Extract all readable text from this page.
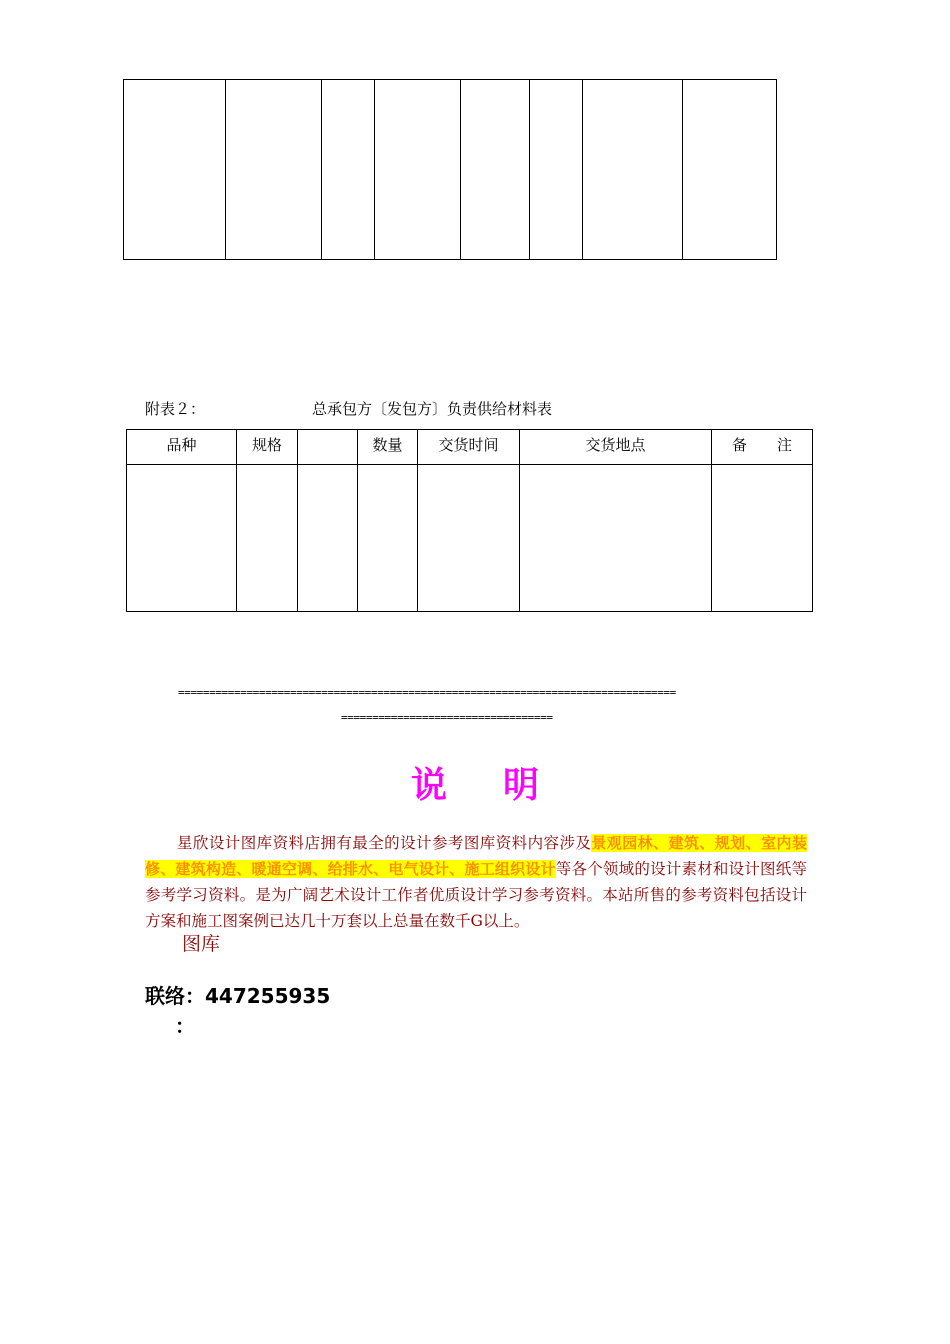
附表２：	总承包方〔发包方〕负责供给材料表
品种	规格		数量	交货时间	交货地点	备　　注

================================================================================
==================================
说明

星欣设计图库资料店拥有最全的设计参考图库资料内容涉及景观园林、建筑、规划、室内装修、建筑构造、暖通空调、给排水、电气设计、施工组织设计等各个领域的设计素材和设计图纸等参考学习资料。是为广阔艺术设计工作者优质设计学习参考资料。本站所售的参考资料包括设计方案和施工图案例已达几十万套以上总量在数千G以上。

图库
联络：447255935
：
